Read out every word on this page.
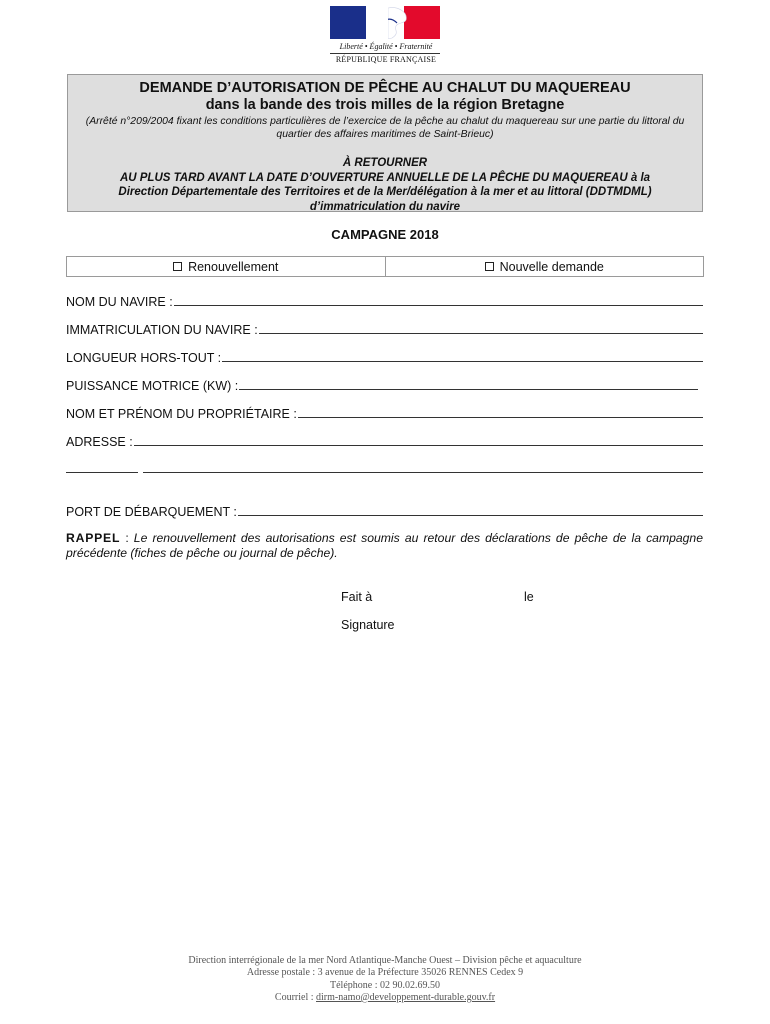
Liberté • Égalité • Fraternité
RÉPUBLIQUE FRANÇAISE
DEMANDE D’AUTORISATION DE PÊCHE AU CHALUT DU MAQUEREAU
dans la bande des trois milles de la région Bretagne
(Arrêté n°209/2004 fixant les conditions particulières de l’exercice de la pêche au chalut du maquereau sur une partie du littoral du quartier des affaires maritimes de Saint-Brieuc)
À RETOURNER
AU PLUS TARD AVANT LA DATE D’OUVERTURE ANNUELLE DE LA PÊCHE DU MAQUEREAU à la
Direction Départementale des Territoires et de la Mer/délégation à la mer et au littoral (DDTMDML)
d’immatriculation du navire
CAMPAGNE 2018
Renouvellement	Nouvelle demande
NOM DU NAVIRE :
IMMATRICULATION DU NAVIRE :
LONGUEUR HORS-TOUT :
PUISSANCE MOTRICE (KW) :
NOM ET PRÉNOM DU PROPRIÉTAIRE :
ADRESSE :
PORT DE DÉBARQUEMENT :
RAPPEL : Le renouvellement des autorisations est soumis au retour des déclarations de pêche de la campagne précédente (fiches de pêche ou journal de pêche).
Fait à	le
Signature
Direction interrégionale de la mer Nord Atlantique-Manche Ouest – Division pêche et aquaculture
Adresse postale : 3 avenue de la Préfecture 35026 RENNES Cedex 9
Téléphone : 02 90.02.69.50
Courriel : dirm-namo@developpement-durable.gouv.fr
